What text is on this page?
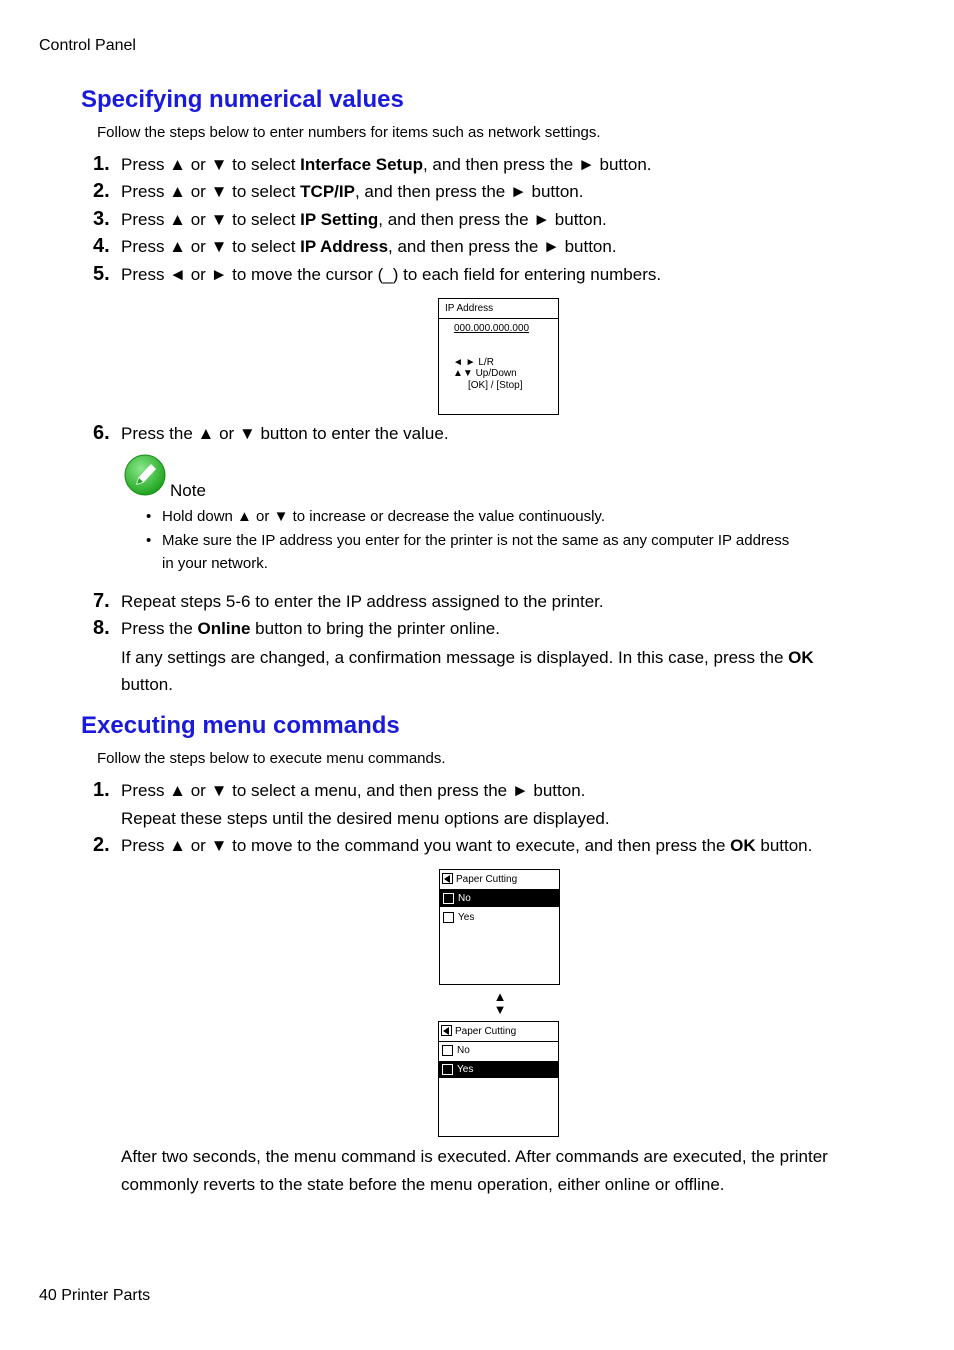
Control Panel
40 Printer Parts
Specifying numerical values
Follow the steps below to enter numbers for items such as network settings.
1. Press ▲ or ▼ to select Interface Setup, and then press the ► button.
2. Press ▲ or ▼ to select TCP/IP, and then press the ► button.
3. Press ▲ or ▼ to select IP Setting, and then press the ► button.
4. Press ▲ or ▼ to select IP Address, and then press the ► button.
5. Press ◄ or ► to move the cursor (_) to each field for entering numbers.
IP Address
000.000.000.000
◄ ► L/R
▲▼ Up/Down
[OK] / [Stop]
6. Press the ▲ or ▼ button to enter the value.
Note
• Hold down ▲ or ▼ to increase or decrease the value continuously.
• Make sure the IP address you enter for the printer is not the same as any computer IP address
in your network.
7. Repeat steps 5-6 to enter the IP address assigned to the printer.
8. Press the Online button to bring the printer online.
If any settings are changed, a confirmation message is displayed. In this case, press the OK
button.
Executing menu commands
Follow the steps below to execute menu commands.
1. Press ▲ or ▼ to select a menu, and then press the ► button.
Repeat these steps until the desired menu options are displayed.
2. Press ▲ or ▼ to move to the command you want to execute, and then press the OK button.
Paper Cutting
No
Yes
▲
▼
Paper Cutting
No
Yes
After two seconds, the menu command is executed. After commands are executed, the printer
commonly reverts to the state before the menu operation, either online or offline.
